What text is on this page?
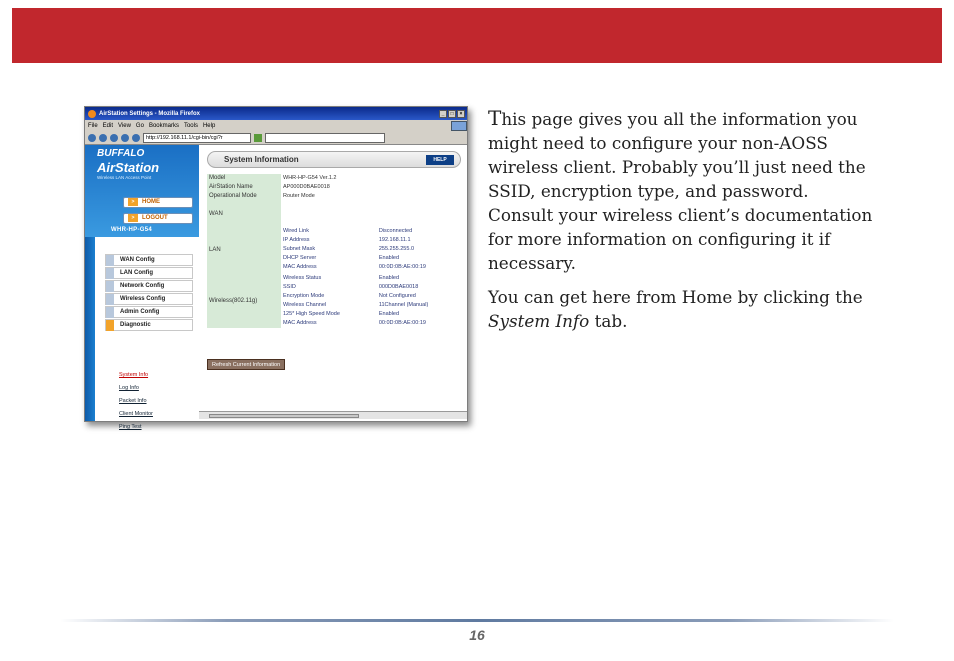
AirStation Settings - Mozilla Firefox	_	□	×
File Edit View Go Bookmarks Tools Help
http://192.168.11.1/cgi-bin/cgi?r
BUFFALO
AirStation
Wireless LAN Access Point
> HOME
> LOGOUT
WHR-HP-G54
WAN Config
LAN Config
Network Config
Wireless Config
Admin Config
Diagnostic
System Info
Log Info
Packet Info
Client Monitor
Ping Test
System Information	HELP
Model	WHR-HP-G54 Ver.1.2	
AirStation Name	AP000D0BAE0018	
Operational Mode	Router Mode	
WAN		
LAN	Wired Link	Disconnected
	IP Address	192.168.11.1
	Subnet Mask	255.255.255.0
	DHCP Server	Enabled
	MAC Address	00:0D:0B:AE:00:19

Wireless(802.11g)	Wireless Status	Enabled
	SSID	000D0BAE0018
	Encryption Mode	Not Configured
	Wireless Channel	11Channel (Manual)
	125* High Speed Mode	Enabled
	MAC Address	00:0D:0B:AE:00:19
Refresh Current Information

This page gives you all the information you might need to configure your non-AOSS wireless client. Probably you’ll just need the SSID, encryption type, and password. Consult your wireless client’s documentation for more information on configuring it if necessary.

You can get here from Home by clicking the System Info tab.

16
